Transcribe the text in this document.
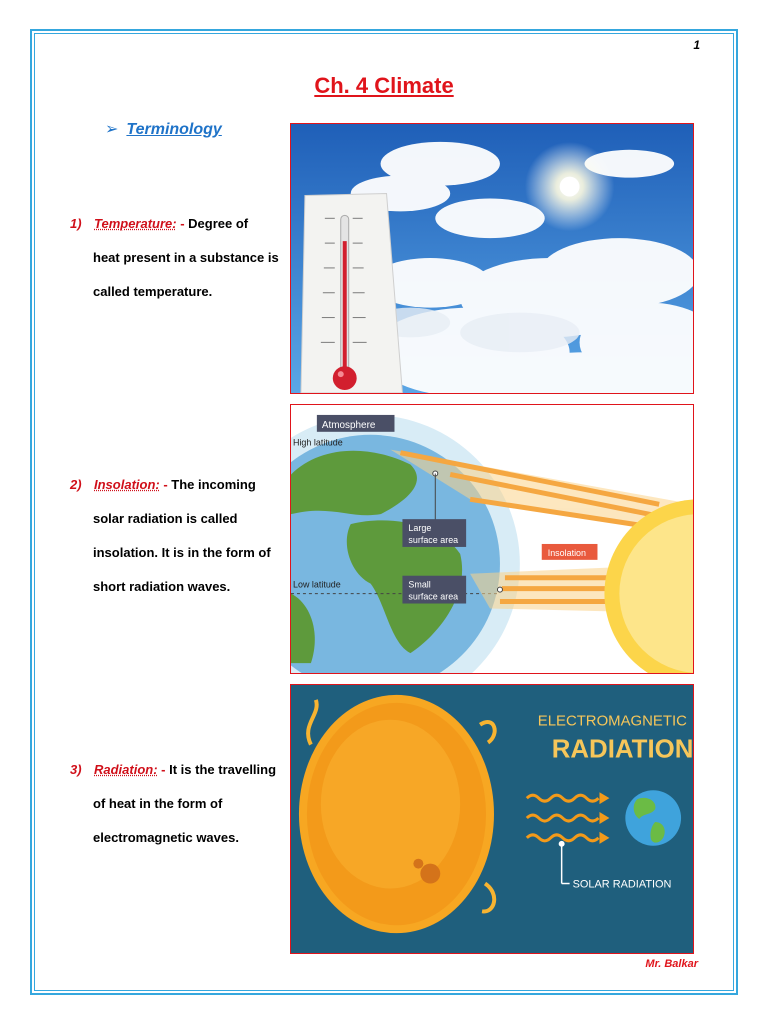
1
Ch. 4 Climate
➢ Terminology
1) Temperature: - Degree of
heat present in a substance is
called temperature.
2) Insolation: - The incoming
solar radiation is called
insolation. It is in the form of
short radiation waves.
3) Radiation: - It is the travelling
of heat in the form of
electromagnetic waves.
Atmosphere
High latitude
Low latitude
Large
surface area
Small
surface area
Insolation
ELECTROMAGNETIC
RADIATION
SOLAR RADIATION
Mr. Balkar
